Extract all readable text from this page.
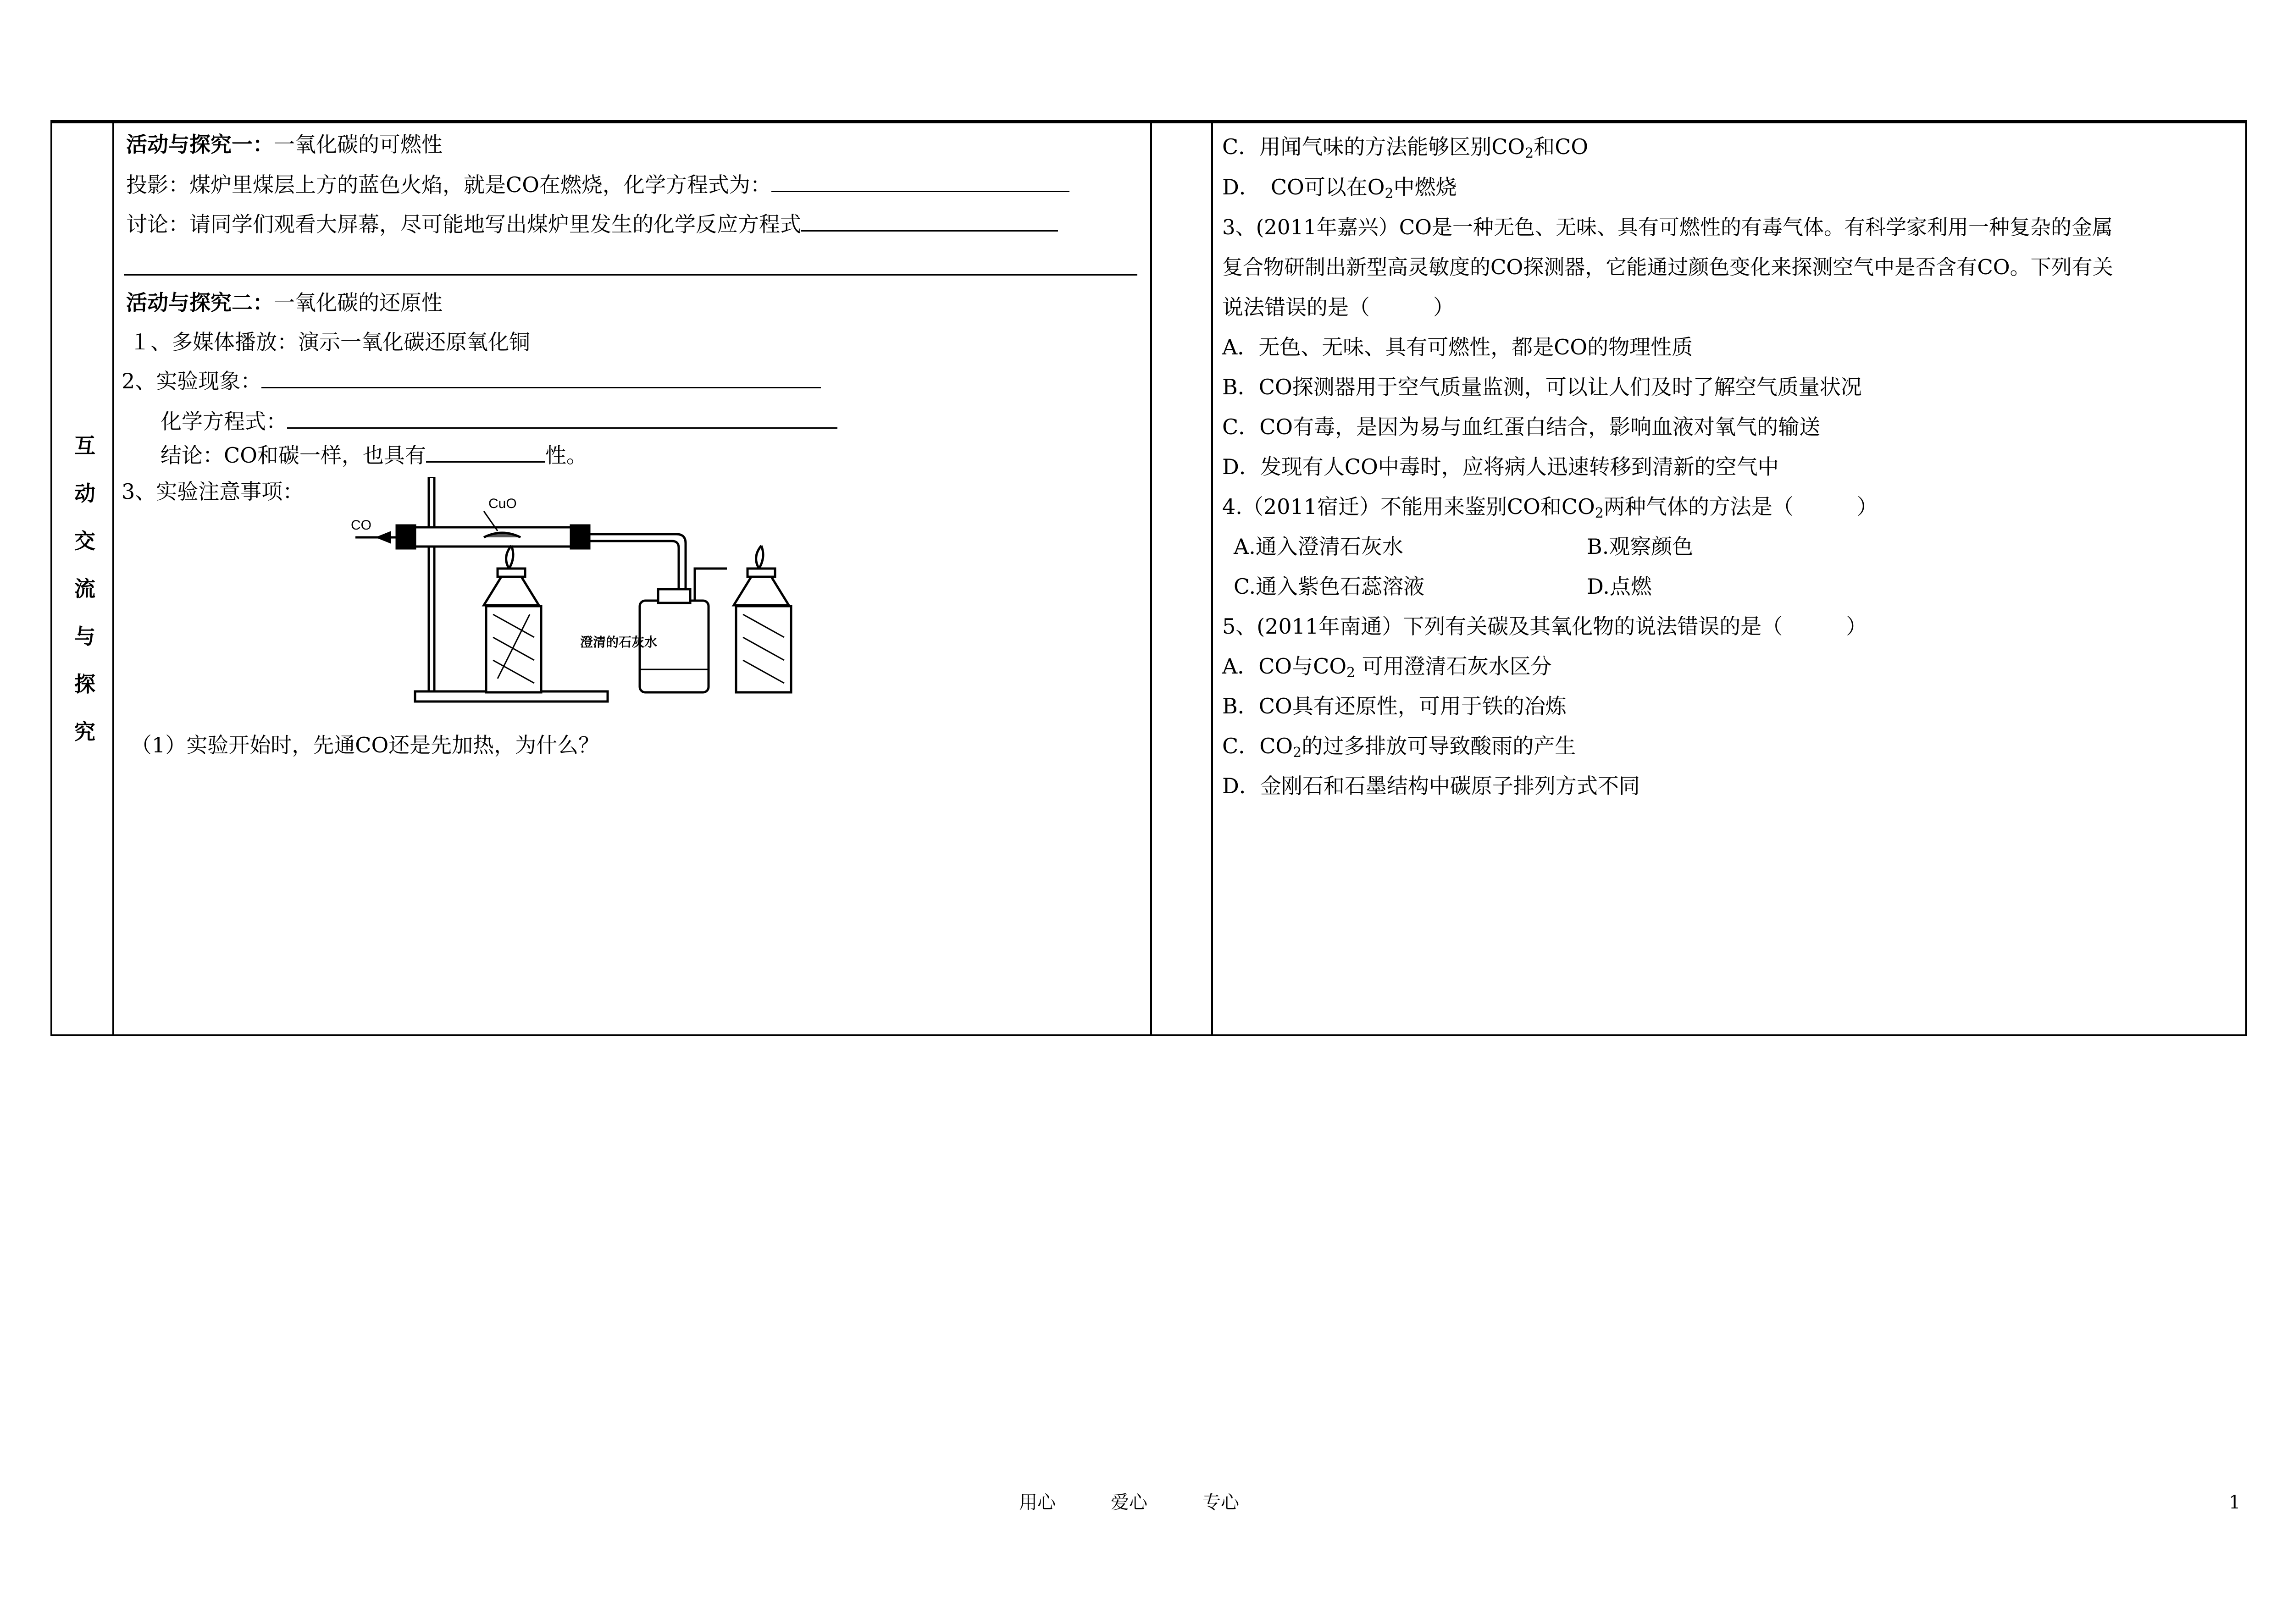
互
动
交
流
与
探
究
活动与探究一：一氧化碳的可燃性
投影：煤炉里煤层上方的蓝色火焰，就是CO在燃烧，化学方程式为：
讨论：请同学们观看大屏幕，尽可能地写出煤炉里发生的化学反应方程式
活动与探究二：一氧化碳的还原性
１、多媒体播放：演示一氧化碳还原氧化铜
2、实验现象：
化学方程式：
结论：CO和碳一样，也具有	性。
3、实验注意事项：
CO
CuO
澄清的石灰水
（1）实验开始时，先通CO还是先加热，为什么？
C．用闻气味的方法能够区别$CO_2$和CO
D．　CO可以在$O_2$中燃烧
3、(2011年嘉兴）CO是一种无色、无味、具有可燃性的有毒气体。有科学家利用一种复杂的金属
复合物研制出新型高灵敏度的CO探测器，它能通过颜色变化来探测空气中是否含有CO。下列有关
说法错误的是（　　　）
A．无色、无味、具有可燃性，都是CO的物理性质
B．CO探测器用于空气质量监测，可以让人们及时了解空气质量状况
C．CO有毒，是因为易与血红蛋白结合，影响血液对氧气的输送
D．发现有人CO中毒时，应将病人迅速转移到清新的空气中
4.（2011宿迁）不能用来鉴别CO和$CO_2$两种气体的方法是（　　　）
A.通入澄清石灰水	B.观察颜色
C.通入紫色石蕊溶液	D.点燃
5、(2011年南通）下列有关碳及其氧化物的说法错误的是（　　　）
A．CO与$CO_2$ 可用澄清石灰水区分
B．CO具有还原性，可用于铁的冶炼
C．$CO_2$的过多排放可导致酸雨的产生
D．金刚石和石墨结构中碳原子排列方式不同
用心	爱心	专心	1
